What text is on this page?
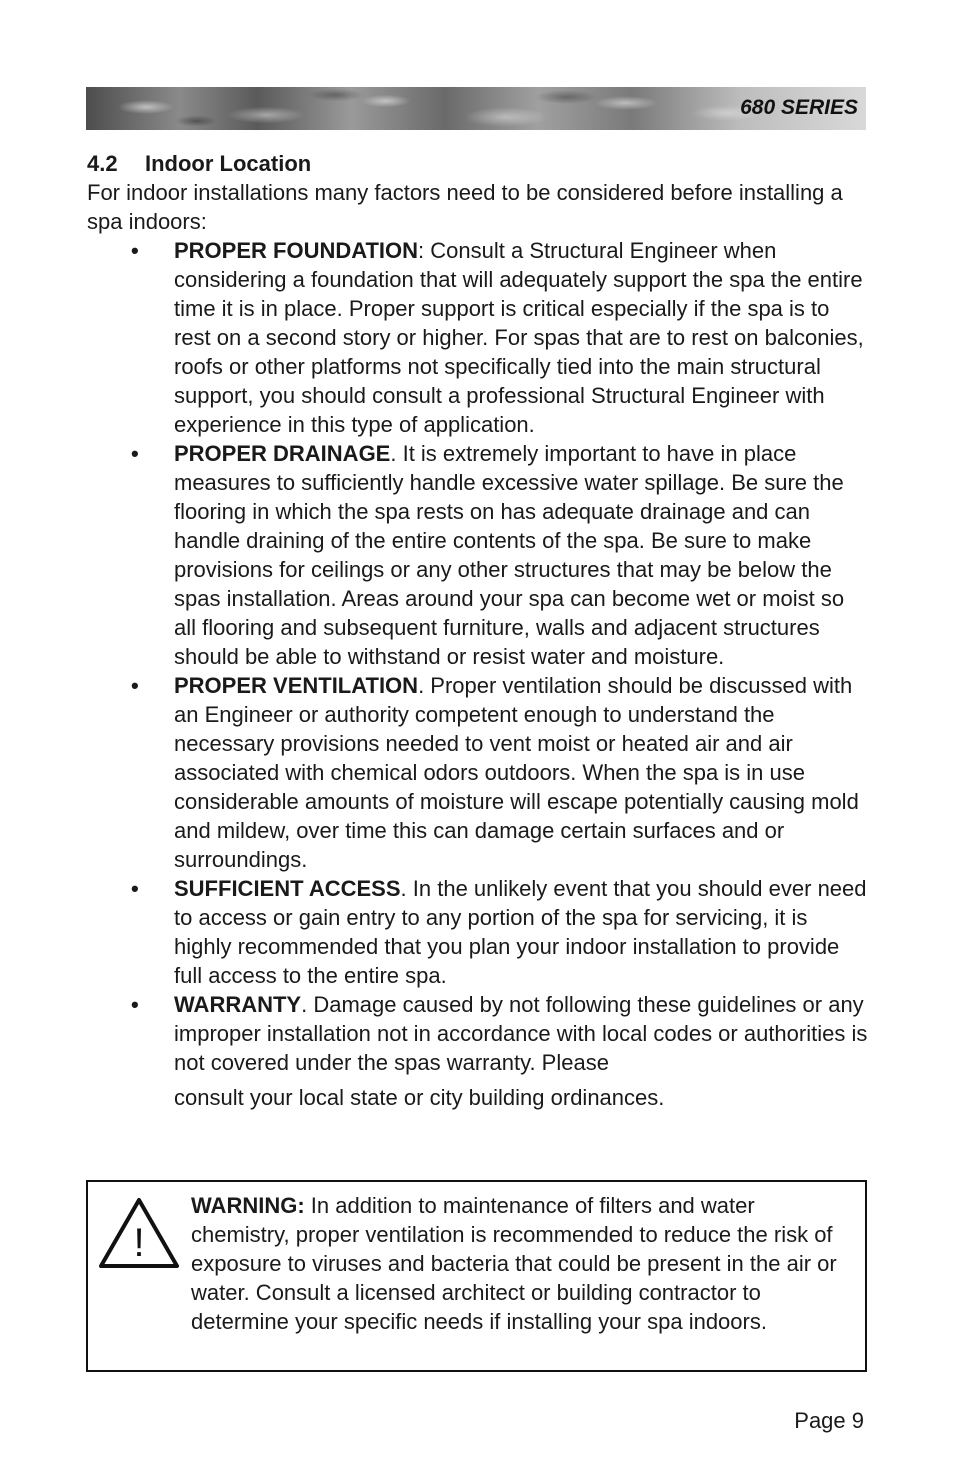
680 SERIES
4.2 Indoor Location
For indoor installations many factors need to be considered before installing a spa indoors:
• PROPER FOUNDATION: Consult a Structural Engineer when considering a foundation that will adequately support the spa the entire time it is in place. Proper support is critical especially if the spa is to rest on a second story or higher. For spas that are to rest on balconies, roofs or other platforms not specifically tied into the main structural support, you should consult a professional Structural Engineer with experience in this type of application.
• PROPER DRAINAGE. It is extremely important to have in place measures to sufficiently handle excessive water spillage. Be sure the flooring in which the spa rests on has adequate drainage and can handle draining of the entire contents of the spa. Be sure to make provisions for ceilings or any other structures that may be below the spas installation. Areas around your spa can become wet or moist so all flooring and subsequent furniture, walls and adjacent structures should be able to withstand or resist water and moisture.
• PROPER VENTILATION. Proper ventilation should be discussed with an Engineer or authority competent enough to understand the necessary provisions needed to vent moist or heated air and air associated with chemical odors outdoors. When the spa is in use considerable amounts of moisture will escape potentially causing mold and mildew, over time this can damage certain surfaces and or surroundings.
• SUFFICIENT ACCESS. In the unlikely event that you should ever need to access or gain entry to any portion of the spa for servicing, it is highly recommended that you plan your indoor installation to provide full access to the entire spa.
• WARRANTY. Damage caused by not following these guidelines or any improper installation not in accordance with local codes or authorities is not covered under the spas warranty. Please
consult your local state or city building ordinances.
!
WARNING: In addition to maintenance of filters and water chemistry, proper ventilation is recommended to reduce the risk of exposure to viruses and bacteria that could be present in the air or water. Consult a licensed architect or building contractor to determine your specific needs if installing your spa indoors.
Page 9
